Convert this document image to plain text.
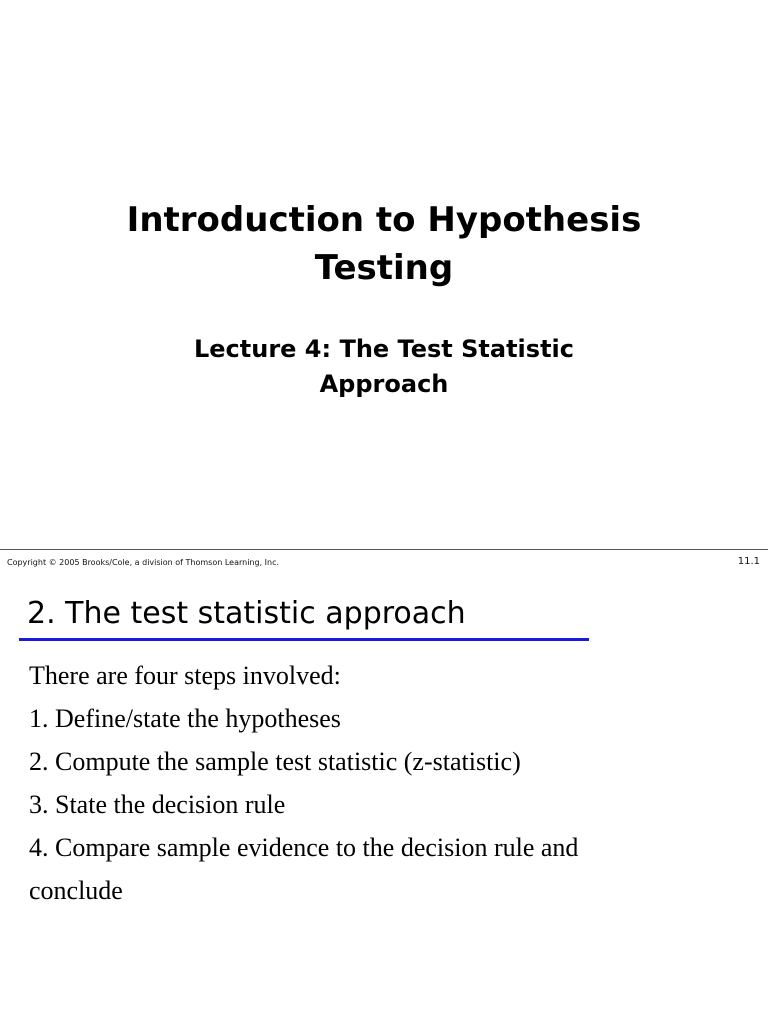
Introduction to Hypothesis
Testing
Lecture 4: The Test Statistic
Approach
Copyright © 2005 Brooks/Cole, a division of Thomson Learning, Inc.	11.1
2. The test statistic approach
There are four steps involved:
1. Define/state the hypotheses
2. Compute the sample test statistic (z-statistic)
3. State the decision rule
4. Compare sample evidence to the decision rule and
conclude
